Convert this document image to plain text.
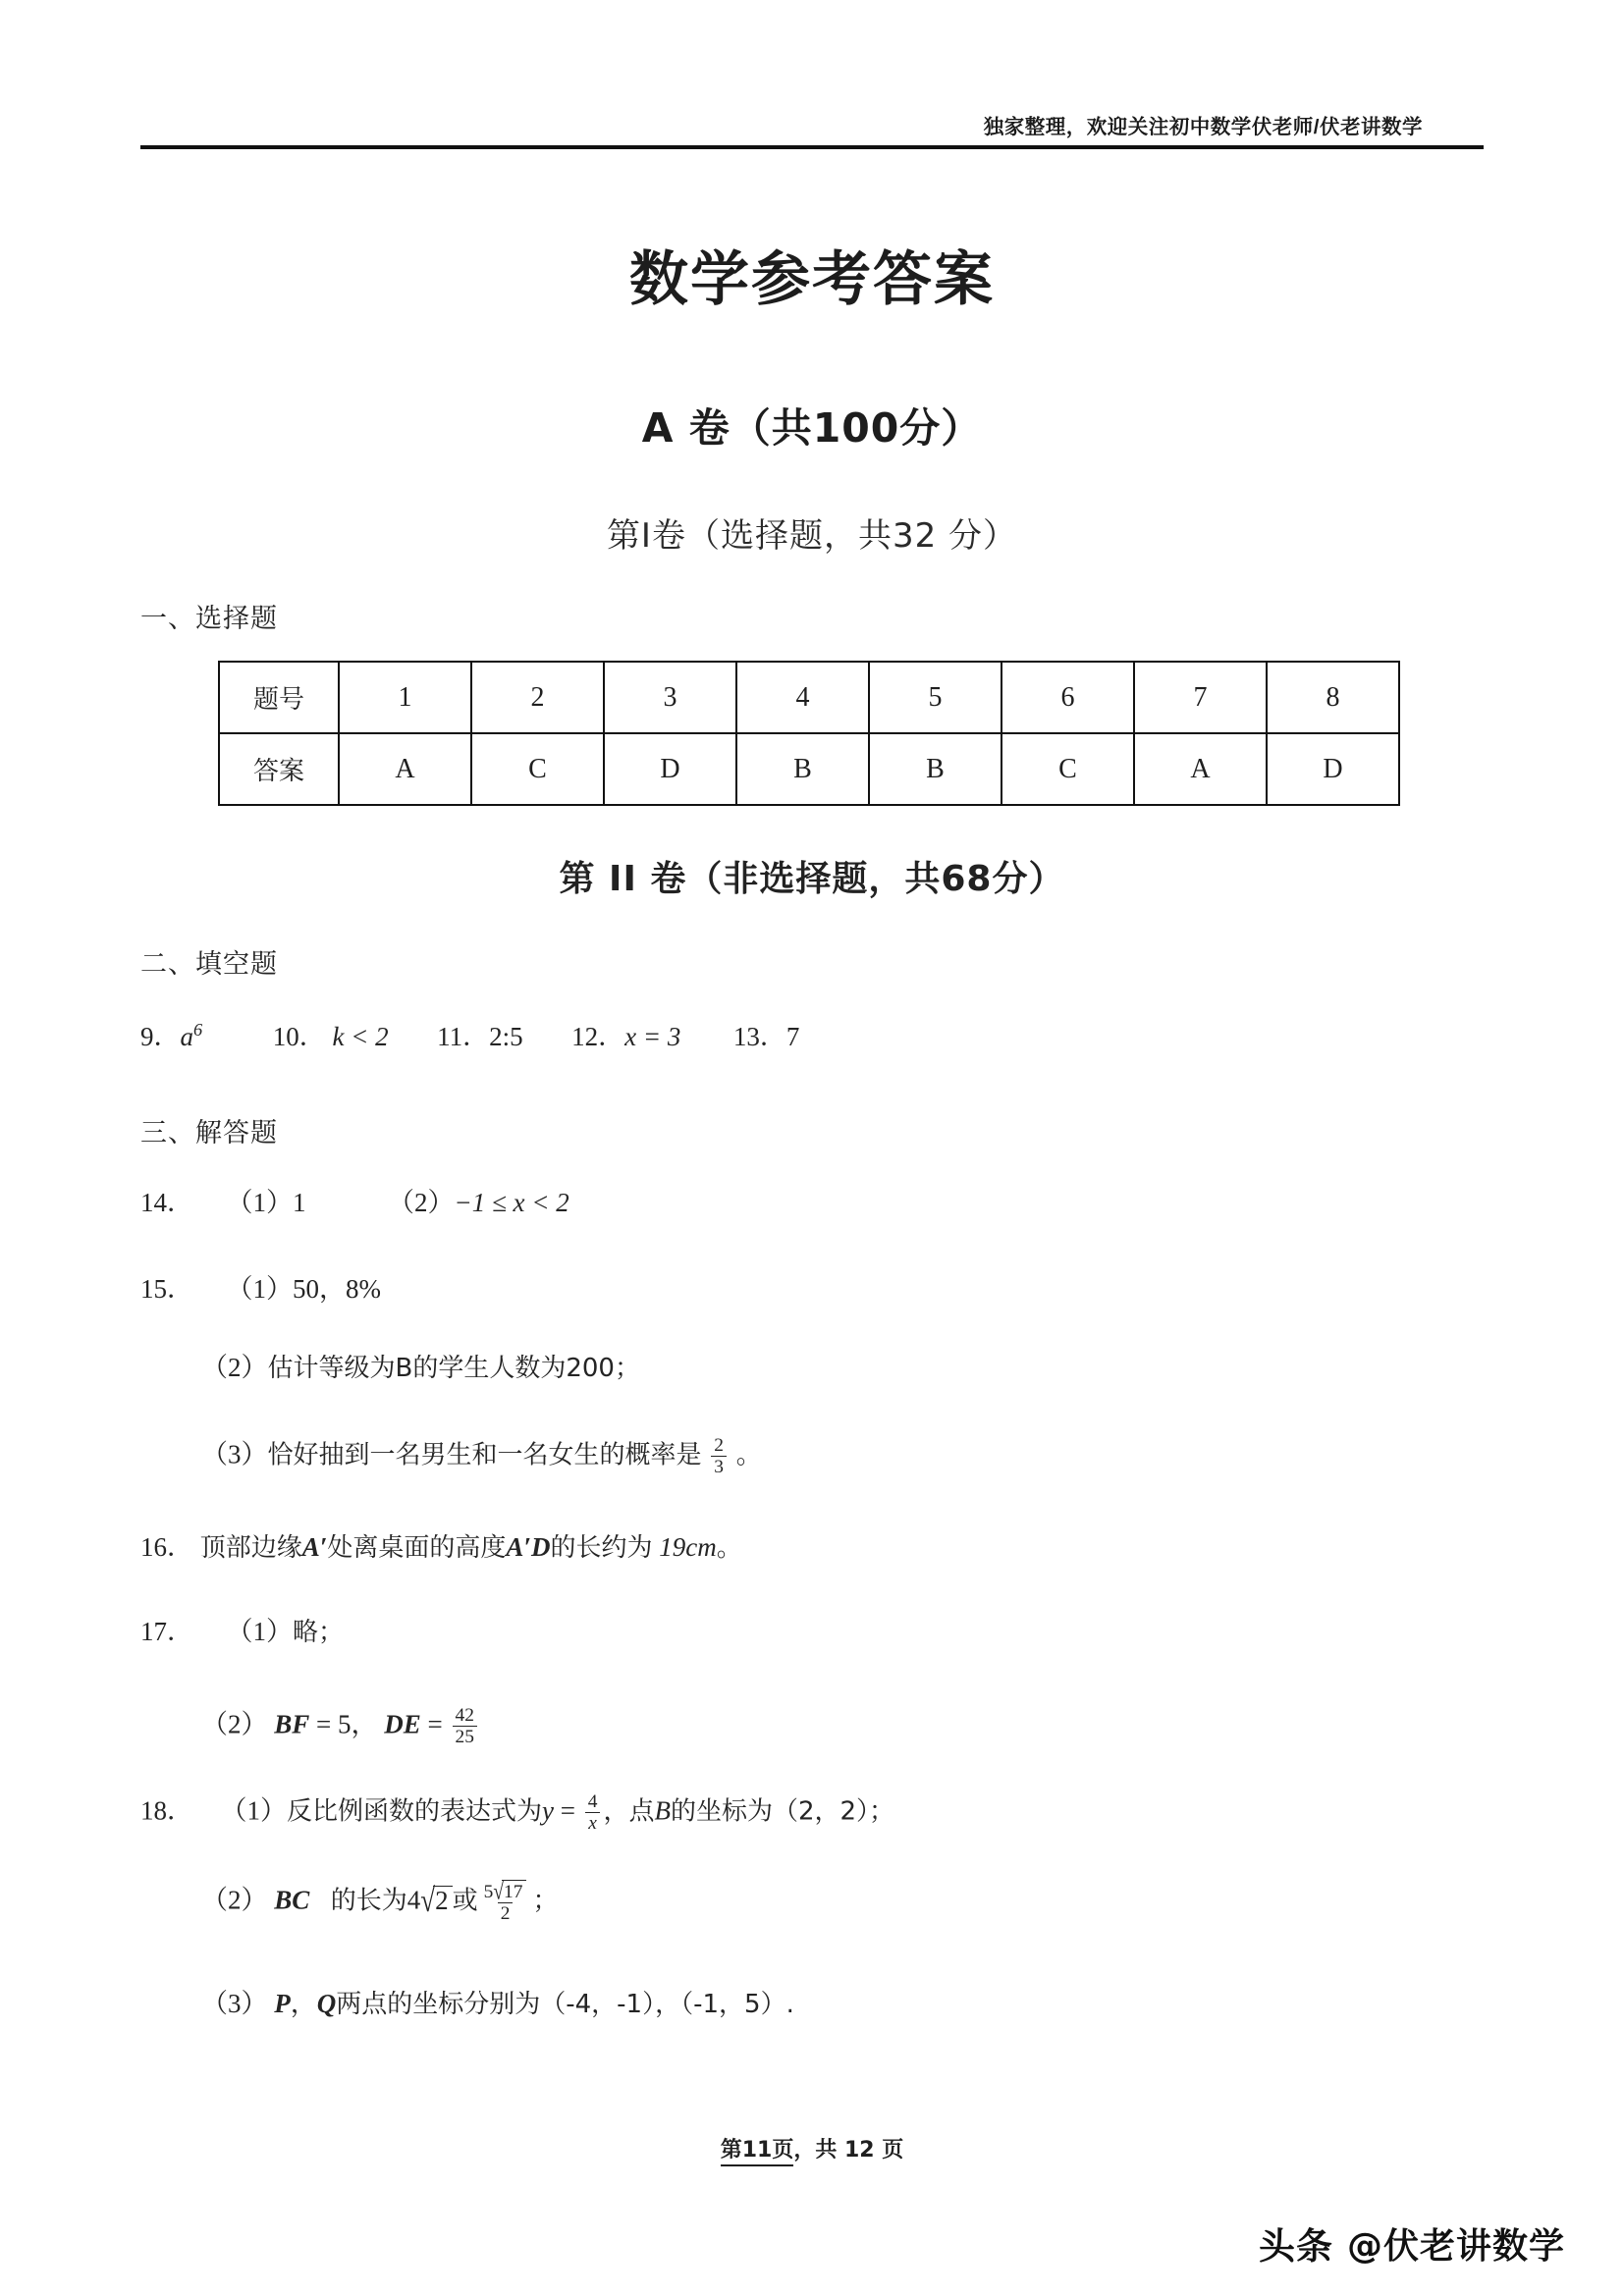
独家整理，欢迎关注初中数学伏老师/伏老讲数学
数学参考答案
A 卷（共100分）
第I卷（选择题，共32 分）
一、选择题
题号	1	2	3	4	5	6	7	8
答案	A	C	D	B	B	C	A	D
第 II 卷（非选择题，共68分）
二、填空题
9．$a^6$	10． k < 2 11．2:5 12．x = 3 13．7
三、解答题
14． （1）1	（2）−1 ≤ x < 2
15． （1）50，8%
（2）估计等级为B的学生人数为200；
（3）恰好抽到一名男生和一名女生的概率是 $\frac{2}{3}$ 。
16． 顶部边缘A′处离桌面的高度A′D的长约为 19cm。
17． （1）略；
（2） BF = 5， DE = $\frac{42}{25}$
18． （1）反比例函数的表达式为$y = \frac{4}{x}$ ，点B的坐标为（2，2）；
（2） BC 的长为4√2 或 $\frac{5√17}{2}$ ；
（3） P，Q两点的坐标分别为（-4，-1），（-1，5）.
第11页，共 12 页
头条 @伏老讲数学
